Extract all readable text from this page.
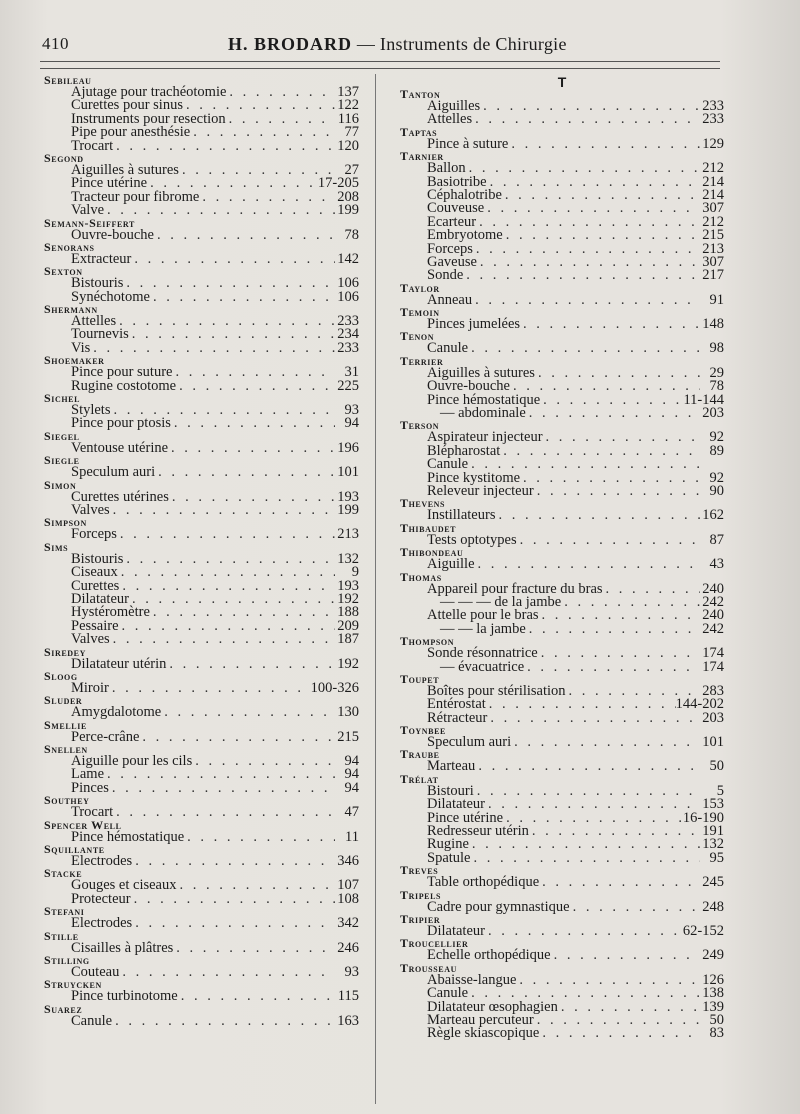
410	H. BRODARD — Instruments de Chirurgie
Sebileau
Ajutage pour trachéotomie . . .	137
Curettes pour sinus . . .	122
Instruments pour resection . . .	116
Pipe pour anesthésie . . .	77
Trocart . . .	120
Segond
Aiguilles à sutures . . .	27
Pince utérine . . .	17-205
Tracteur pour fibrome . . .	208
Valve . . .	199
Semann-Seiffert
Ouvre-bouche . . .	78
Senorans
Extracteur . . .	142
Sexton
Bistouris . . .	106
Synéchotome . . .	106
Shermann
Attelles . . .	233
Tournevis . . .	234
Vis . . .	233
Shoemaker
Pince pour suture . . .	31
Rugine costotome . . .	225
Sichel
Stylets . . .	93
Pince pour ptosis . . .	94
Siegel
Ventouse utérine . . .	196
Siegle
Speculum auri . . .	101
Simon
Curettes utérines . . .	193
Valves . . .	199
Simpson
Forceps . . .	213
Sims
Bistouris . . .	132
Ciseaux . . .	9
Curettes . . .	193
Dilatateur . . .	192
Hystéromètre . . .	188
Pessaire . . .	209
Valves . . .	187
Siredey
Dilatateur utérin . . .	192
Sloog
Miroir . . .	100-326
Sluder
Amygdalotome . . .	130
Smellie
Perce-crâne . . .	215
Snellen
Aiguille pour les cils . . .	94
Lame . . .	94
Pinces . . .	94
Southey
Trocart . . .	47
Spencer Well
Pince hémostatique . . .	11
Squillante
Electrodes . . .	346
Stacke
Gouges et ciseaux . . .	107
Protecteur . . .	108
Stefani
Electrodes . . .	342
Stille
Cisailles à plâtres . . .	246
Stilling
Couteau . . .	93
Struycken
Pince turbinotome . . .	115
Suarez
Canule . . .	163
T
Tanton
Aiguilles . . .	233
Attelles . . .	233
Taptas
Pince à suture . . .	129
Tarnier
Ballon . . .	212
Basiotribe . . .	214
Céphalotribe . . .	214
Couveuse . . .	307
Ecarteur . . .	212
Embryotome . . .	215
Forceps . . .	213
Gaveuse . . .	307
Sonde . . .	217
Taylor
Anneau . . .	91
Temoin
Pinces jumelées . . .	148
Tenon
Canule . . .	98
Terrier
Aiguilles à sutures . . .	29
Ouvre-bouche . . .	78
Pince hémostatique . . .	11-144
— abdominale . . .	203
Terson
Aspirateur injecteur . . .	92
Blépharostat . . .	89
Canule
. . .
Pince kystitome . . .	92
Releveur injecteur . . .	90
Thevens
Instillateurs . . .	162
Thibaudet
Tests optotypes . . .	87
Thibondeau
Aiguille . . .	43
Thomas
Appareil pour fracture du bras . . .	240
— — — de la jambe . . .	242
Attelle pour le bras . . .	240
— — la jambe . . .	242
Thompson
Sonde résonnatrice . . .	174
— évacuatrice . . .	174
Toupet
Boîtes pour stérilisation . . .	283
Entérostat . . .	144-202
Rétracteur . . .	203
Toynbee
Speculum auri . . .	101
Traube
Marteau . . .	50
Trélat
Bistouri . . .	5
Dilatateur . . .	153
Pince utérine . . .	16-190
Redresseur utérin . . .	191
Rugine . . .	132
Spatule . . .	95
Treves
Table orthopédique . . .	245
Tripels
Cadre pour gymnastique . . .	248
Tripier
Dilatateur . . .	62-152
Troucellier
Echelle orthopédique . . .	249
Trousseau
Abaisse-langue . . .	126
Canule . . .	138
Dilatateur œsophagien . . .	139
Marteau percuteur . . .	50
Règle skiascopique . . .	83
